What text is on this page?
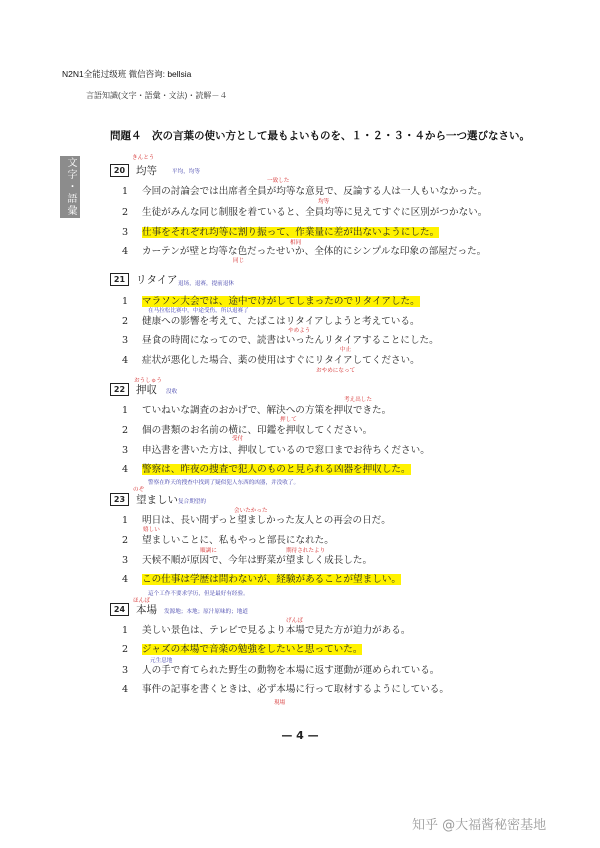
N2N1全能过级班 微信咨询: bellsia
言語知識(文字・語彙・文法)・読解－４
文字・語彙
問題４　次の言葉の使い方として最もよいものを、１・２・３・４から一つ選びなさい。
きんとう
20 均等	平均，均等
一致した
1 今回の討論会では出席者全員が均等な意見で、反論する人は一人もいなかった。
均等
2 生徒がみんな同じ制服を着ていると、全員均等に見えてすぐに区別がつかない。
3 仕事をそれぞれ均等に割り振って、作業量に差が出ないようにした。
4 カーテンが壁と均等な色だったせいか、全体的にシンプルな印象の部屋だった。
相同
同じ
21 リタイア 退场，退赛，提前退休
1 マラソン大会では、途中でけがしてしまったのでリタイアした。
在马拉松比赛中，中途受伤，所以退赛了
2 健康への影響を考えて、たばこはリタイアしようと考えている。
やめよう
3 昼食の時間になってので、読書はいったんリタイアすることにした。
中止
4 症状が悪化した場合、薬の使用はすぐにリタイアしてください。
おやめになって
おうしゅう
22 押収 没收
考え出した
1 ていねいな調査のおかげで、解決への方策を押収できた。
押して
2 個の書類のお名前の横に、印鑑を押収してください。
受付
3 申込書を書いた方は、押収しているので窓口までお待ちください。
4 警察は、昨夜の捜査で犯人のものと見られる凶器を押収した。
警察在昨天的搜查中找到了疑似犯人东西的凶器，并没收了。
のぞ
23 望ましい 复合期望的
会いたかった
1 明日は、長い間ずっと望ましかった友人との再会の日だ。
嬉しい
2 望ましいことに、私もやっと部長になれた。
順調に	期待されたより
3 天候不順が原因で、今年は野菜が望ましく成長した。
4 この仕事は学歴は問わないが、経験があることが望ましい。
這个工作不要求学历，但是最好有经验。
ほんば
24 本場 发源地；本地；原汁原味的；地道
げんば
1 美しい景色は、テレビで見るより本場で見た方が迫力がある。
2 ジャズの本場で音楽の勉強をしたいと思っていた。
元生息地
3 人の手で育てられた野生の動物を本場に返す運動が運められている。
4 事件の記事を書くときは、必ず本場に行って取材するようにしている。
現場
— 4 —
知乎 @大福酱秘密基地
